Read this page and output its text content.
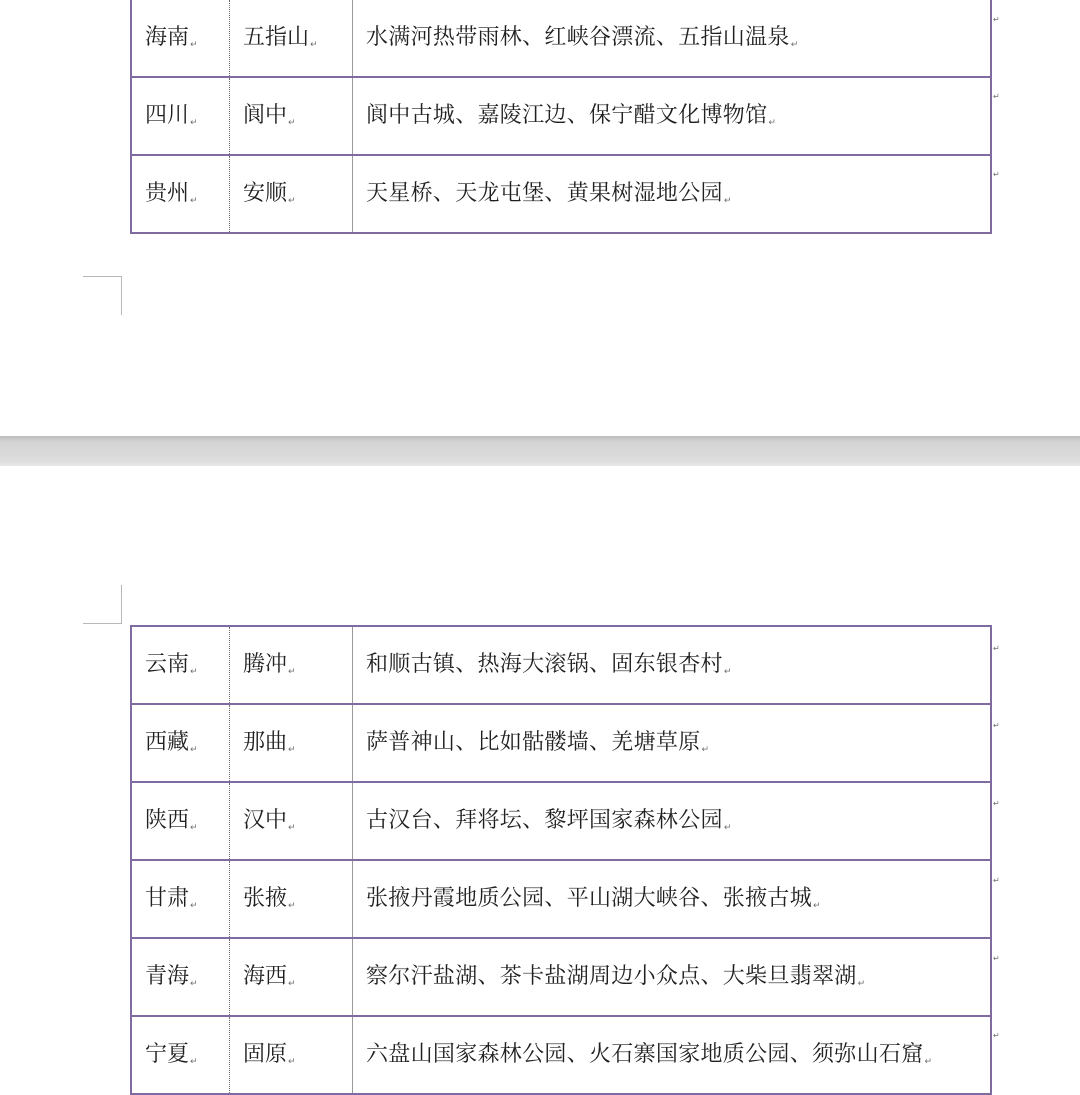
海南↵	五指山↵	水满河热带雨林、红峡谷漂流、五指山温泉↵
四川↵	阆中↵	阆中古城、嘉陵江边、保宁醋文化博物馆↵
贵州↵	安顺↵	天星桥、天龙屯堡、黄果树湿地公园↵
↵
↵
↵
云南↵	腾冲↵	和顺古镇、热海大滚锅、固东银杏村↵
西藏↵	那曲↵	萨普神山、比如骷髅墙、羌塘草原↵
陕西↵	汉中↵	古汉台、拜将坛、黎坪国家森林公园↵
甘肃↵	张掖↵	张掖丹霞地质公园、平山湖大峡谷、张掖古城↵
青海↵	海西↵	察尔汗盐湖、茶卡盐湖周边小众点、大柴旦翡翠湖↵
宁夏↵	固原↵	六盘山国家森林公园、火石寨国家地质公园、须弥山石窟↵
↵
↵
↵
↵
↵
↵
